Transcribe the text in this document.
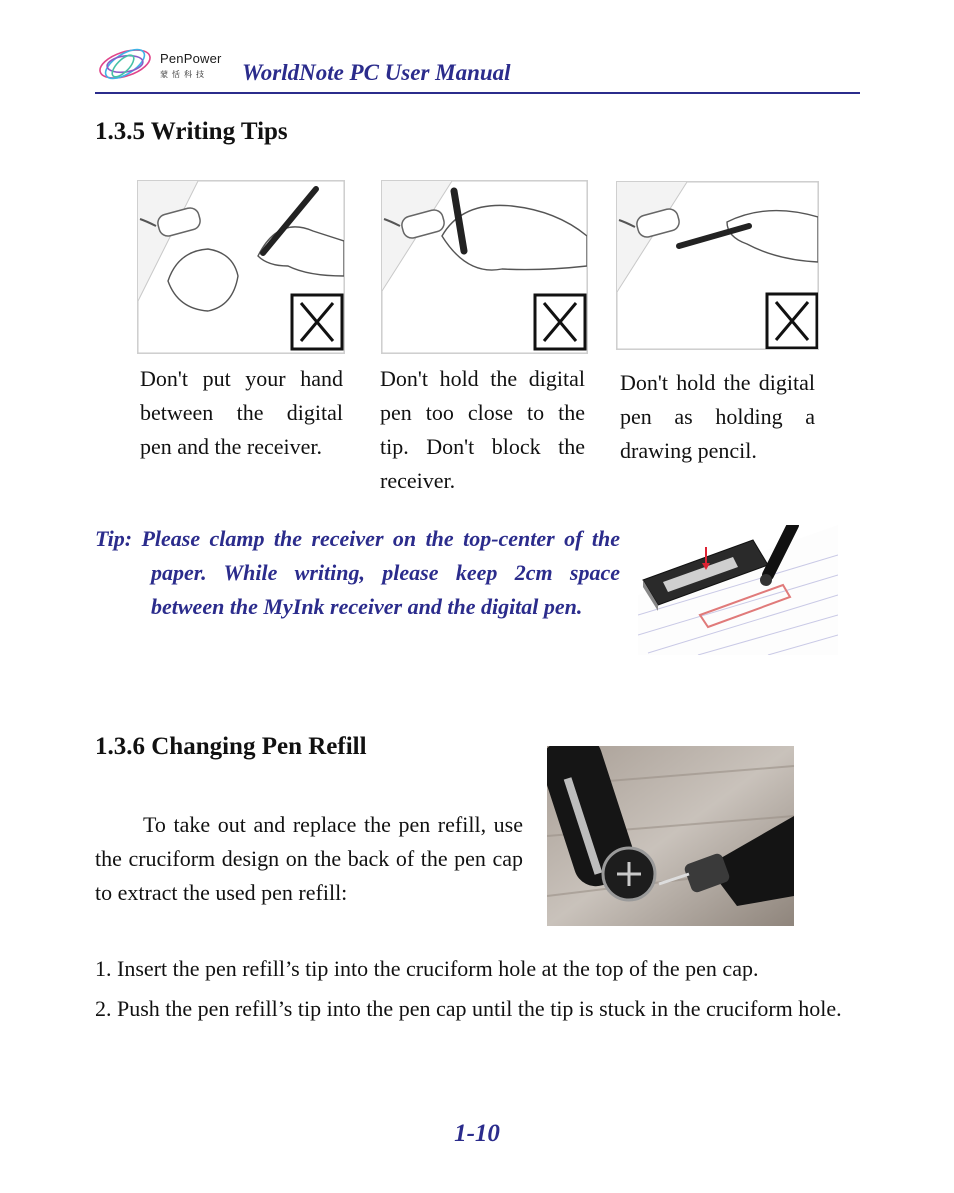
PenPower
蒙恬科技 WorldNote PC User Manual
1.3.5 Writing Tips
Don't put your hand between the digital pen and the receiver.
Don't hold the digital pen too close to the tip. Don't block the receiver.
Don't hold the digital pen as holding a drawing pencil.
Tip: Please clamp the receiver on the top-center of the paper. While writing, please keep 2cm space between the MyInk receiver and the digital pen.
1.3.6 Changing Pen Refill
To take out and replace the pen refill, use the cruciform design on the back of the pen cap to extract the used pen refill:
1. Insert the pen refill’s tip into the cruciform hole at the top of the pen cap.
2. Push the pen refill’s tip into the pen cap until the tip is stuck in the cruciform hole.
1-10
